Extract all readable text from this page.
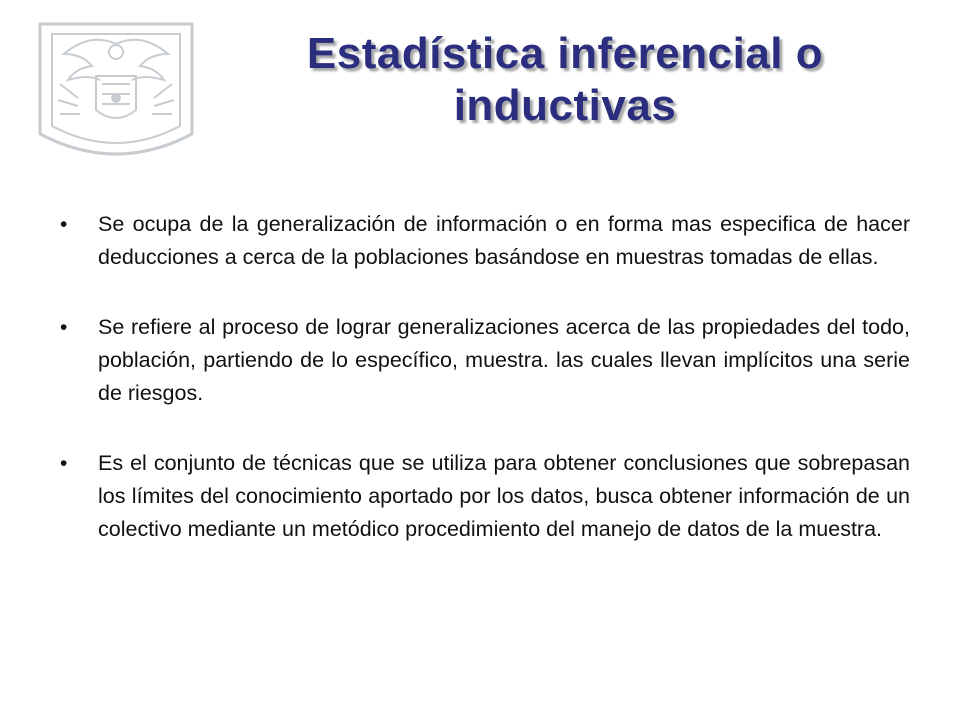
Estadística inferencial o
inductivas
•	Se ocupa de la generalización de información o en forma mas especifica de hacer deducciones a cerca de la poblaciones basándose en muestras tomadas de ellas.
•	Se refiere al proceso de lograr generalizaciones acerca de las propiedades del todo, población, partiendo de lo específico, muestra. las cuales llevan implícitos una serie de riesgos.
•	Es el conjunto de técnicas que se utiliza para obtener conclusiones que sobrepasan los límites del conocimiento aportado por los datos, busca obtener información de un colectivo mediante un metódico procedimiento del manejo de datos de la muestra.
